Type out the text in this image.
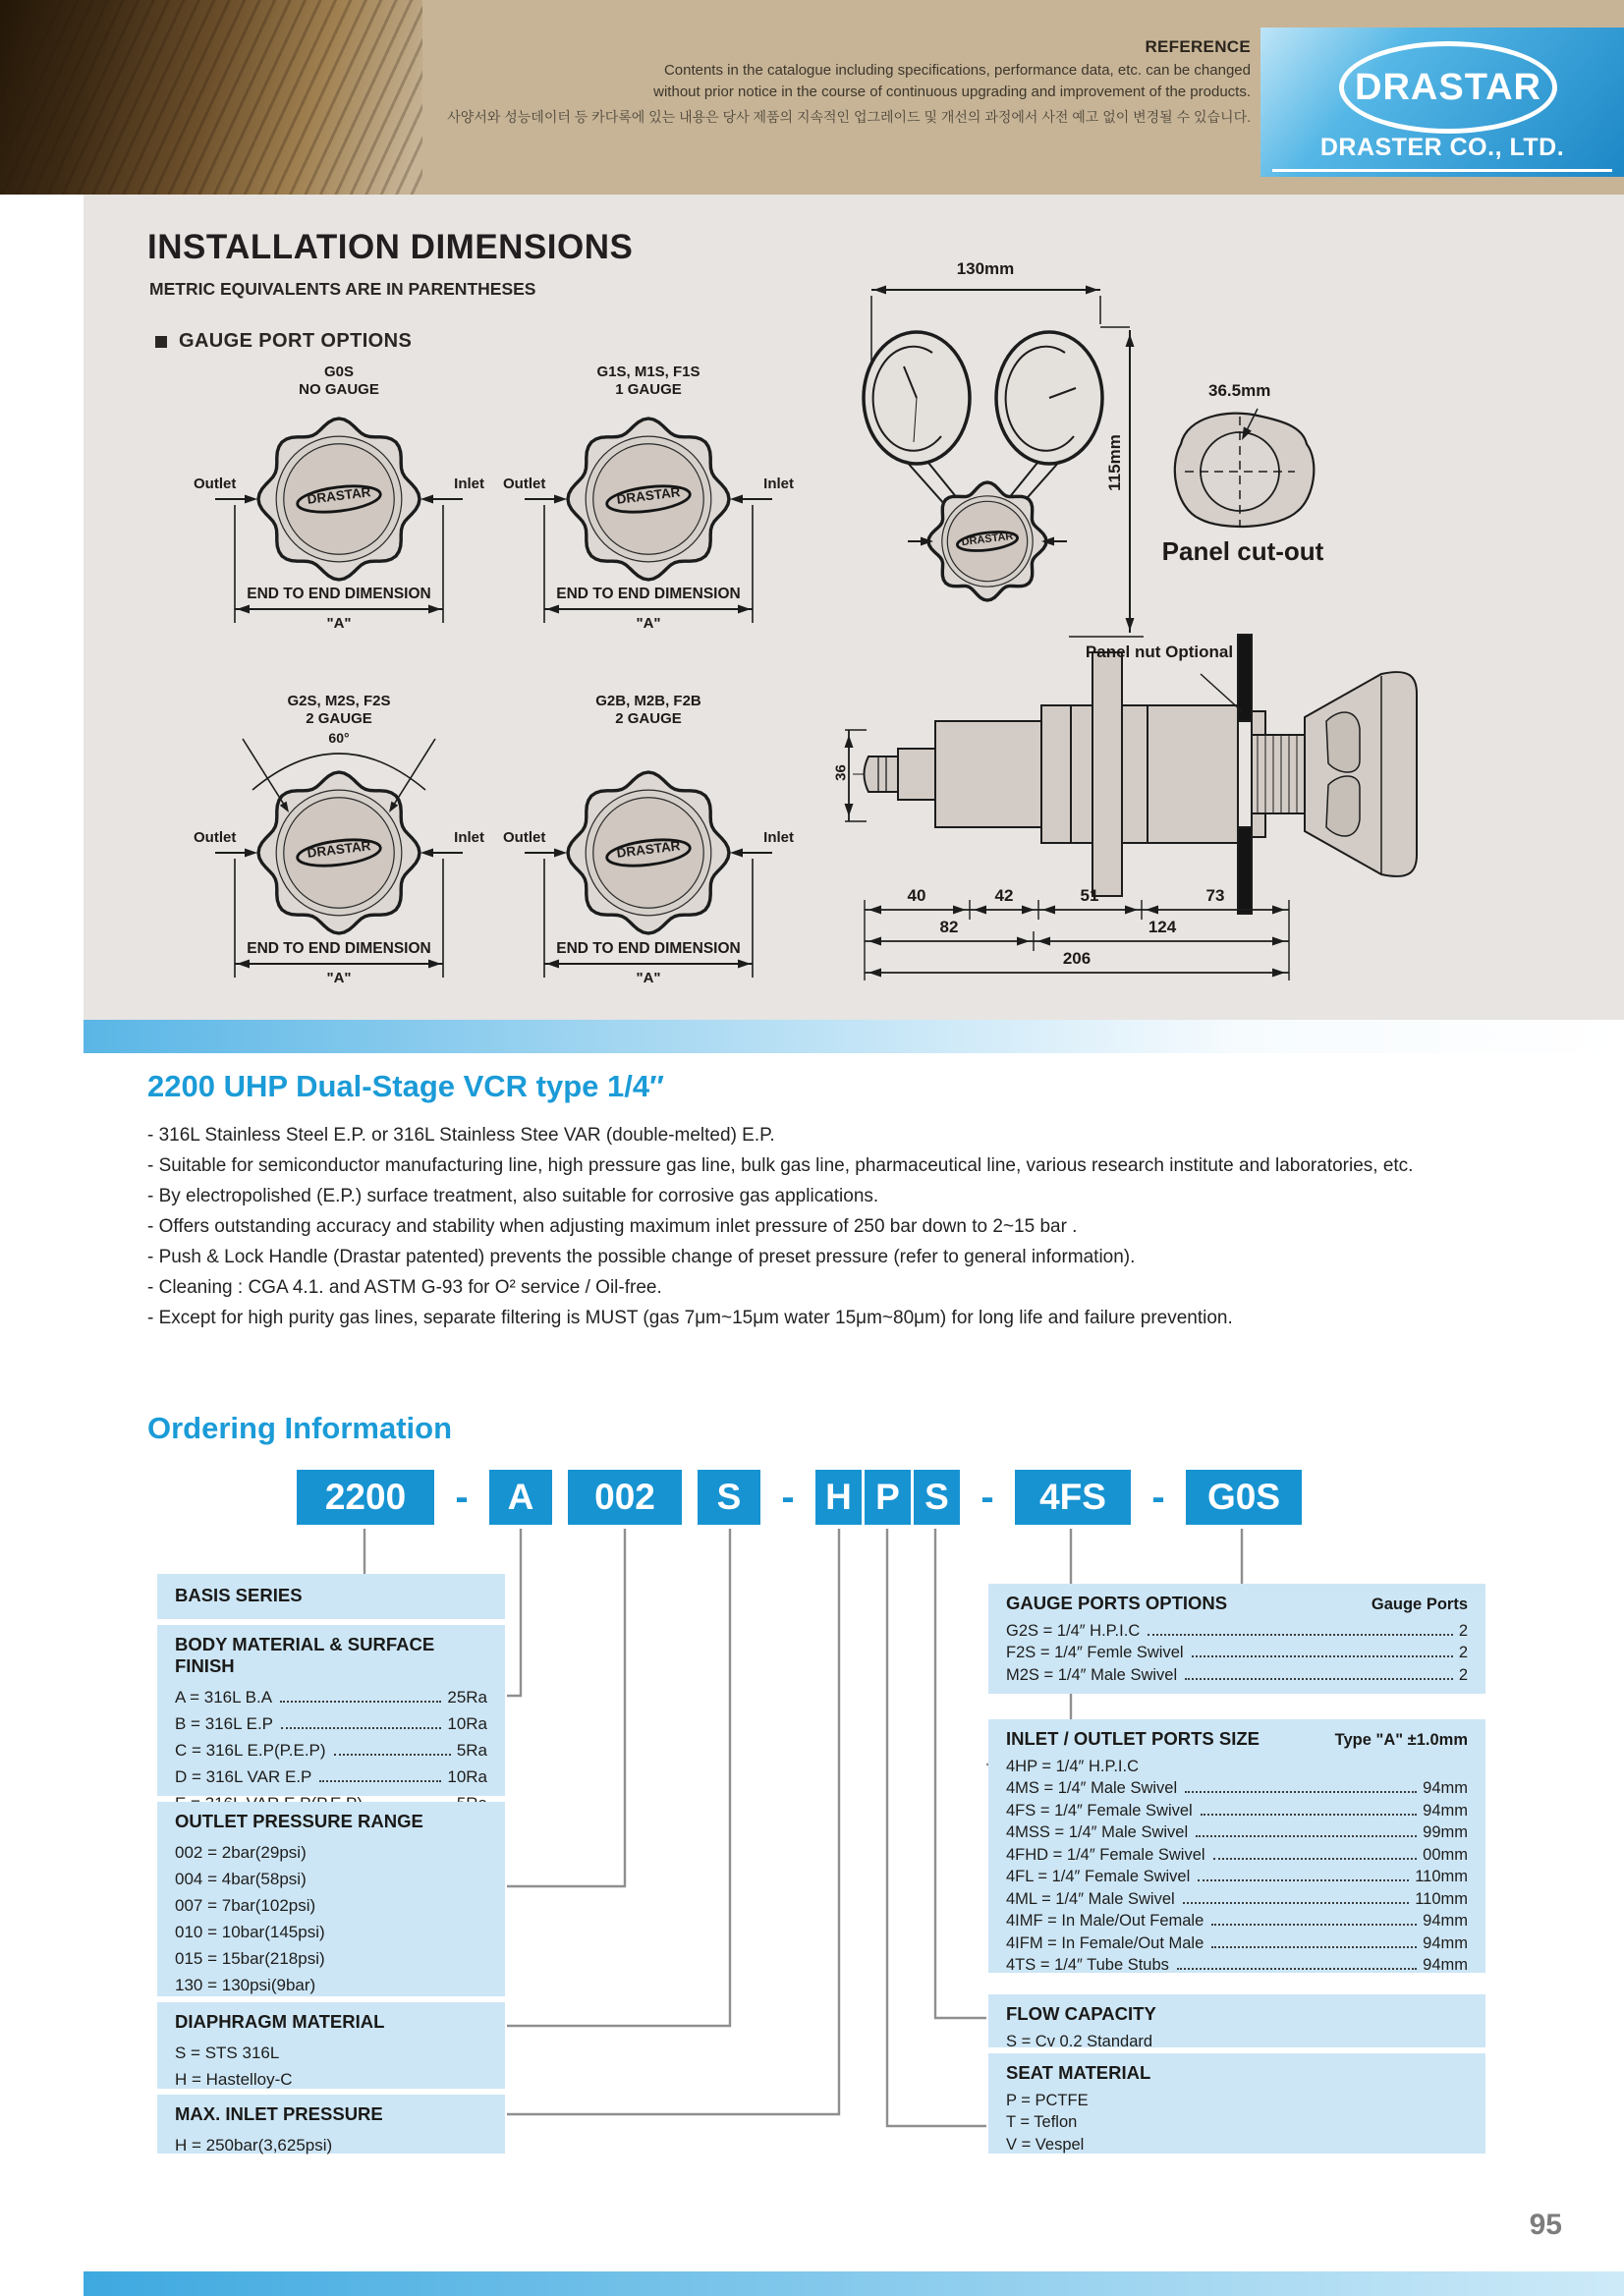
REFERENCE
Contents in the catalogue including specifications, performance data, etc. can be changed
without prior notice in the course of continuous upgrading and improvement of the products.
사양서와 성능데이터 등 카다록에 있는 내용은 당사 제품의 지속적인 업그레이드 및 개선의 과정에서 사전 예고 없이 변경될 수 있습니다.
DRASTAR
DRASTER CO., LTD.
INSTALLATION DIMENSIONS
METRIC EQUIVALENTS ARE IN PARENTHESES
GAUGE PORT OPTIONS
G0S
NO GAUGE
Outlet	Inlet
DRASTAR
END TO END DIMENSION
"A"
G1S, M1S, F1S
1 GAUGE
Outlet	Inlet
DRASTAR
END TO END DIMENSION
"A"
G2S, M2S, F2S
2 GAUGE
60°
Outlet	Inlet
DRASTAR
END TO END DIMENSION
"A"
G2B, M2B, F2B
2 GAUGE
Outlet	Inlet
DRASTAR
END TO END DIMENSION
"A"
130mm
115mm
DRASTAR
36.5mm
Panel cut-out
Panel nut Optional
36
40	42	51	73
82	124
206
2200 UHP Dual-Stage VCR type 1/4″

- 316L Stainless Steel E.P. or 316L Stainless Stee VAR (double-melted) E.P.

- Suitable for semiconductor manufacturing line, high pressure gas line, bulk gas line, pharmaceutical line, various research institute and laboratories, etc.

- By electropolished (E.P.) surface treatment, also suitable for corrosive gas applications.

- Offers outstanding accuracy and stability when adjusting maximum inlet pressure of 250 bar down to 2~15 bar .

- Push & Lock Handle (Drastar patented) prevents the possible change of preset pressure (refer to general information).

- Cleaning : CGA 4.1. and ASTM G-93 for O² service / Oil-free.

- Except for high purity gas lines, separate filtering is MUST (gas 7μm~15μm water 15μm~80μm) for long life and failure prevention.

Ordering Information
2200	-	A	002	S	- H P S -	4FS	-	G0S
BASIS SERIES
BODY MATERIAL & SURFACE FINISH
A = 316L B.A	25Ra
B = 316L E.P	10Ra
C = 316L E.P(P.E.P)	5Ra
D = 316L VAR E.P	10Ra
OUTLET PRESSURE RANGE
002 = 2bar(29psi)
004 = 4bar(58psi)
007 = 7bar(102psi)
010 = 10bar(145psi)
015 = 15bar(218psi)
130 = 130psi(9bar)
DIAPHRAGM MATERIAL
S = STS 316L
H = Hastelloy-C
MAX. INLET PRESSURE
H = 250bar(3,625psi)
GAUGE PORTS OPTIONS	Gauge Ports
G2S = 1/4″ H.P.I.C	2
F2S = 1/4″ Femle Swivel	2
M2S = 1/4″ Male Swivel	2
INLET / OUTLET PORTS SIZE	Type "A" ±1.0mm
4HP = 1/4″ H.P.I.C
4MS = 1/4″ Male Swivel	94mm
4FS = 1/4″ Female Swivel	94mm
4MSS = 1/4″ Male Swivel	99mm
4FHD = 1/4″ Female Swivel	00mm
4FL = 1/4″ Female Swivel	110mm
4ML = 1/4″ Male Swivel	110mm
4IMF = In Male/Out Female	94mm
4IFM = In Female/Out Male	94mm
4TS = 1/4″ Tube Stubs	94mm
FLOW CAPACITY
S = Cv 0.2 Standard
SEAT MATERIAL
P = PCTFE
T = Teflon
V = Vespel
95
